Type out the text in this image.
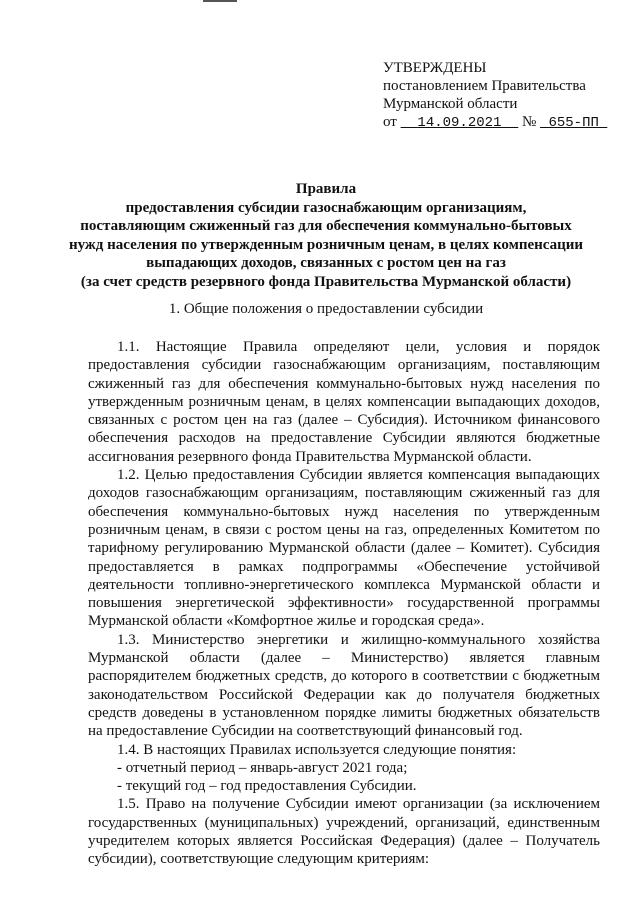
УТВЕРЖДЕНЫ
постановлением Правительства
Мурманской области
от 14.09.2021 № 655-ПП
Правила
предоставления субсидии газоснабжающим организациям,
поставляющим сжиженный газ для обеспечения коммунально-бытовых
нужд населения по утвержденным розничным ценам, в целях компенсации
выпадающих доходов, связанных с ростом цен на газ
(за счет средств резервного фонда Правительства Мурманской области)
1. Общие положения о предоставлении субсидии

1.1. Настоящие Правила определяют цели, условия и порядок предоставления субсидии газоснабжающим организациям, поставляющим сжиженный газ для обеспечения коммунально-бытовых нужд населения по утвержденным розничным ценам, в целях компенсации выпадающих доходов, связанных с ростом цен на газ (далее – Субсидия). Источником финансового обеспечения расходов на предоставление Субсидии являются бюджетные ассигнования резервного фонда Правительства Мурманской области.

1.2. Целью предоставления Субсидии является компенсация выпадающих доходов газоснабжающим организациям, поставляющим сжиженный газ для обеспечения коммунально-бытовых нужд населения по утвержденным розничным ценам, в связи с ростом цены на газ, определенных Комитетом по тарифному регулированию Мурманской области (далее – Комитет). Субсидия предоставляется в рамках подпрограммы «Обеспечение устойчивой деятельности топливно-энергетического комплекса Мурманской области и повышения энергетической эффективности» государственной программы Мурманской области «Комфортное жилье и городская среда».

1.3. Министерство энергетики и жилищно-коммунального хозяйства Мурманской области (далее – Министерство) является главным распорядителем бюджетных средств, до которого в соответствии с бюджетным законодательством Российской Федерации как до получателя бюджетных средств доведены в установленном порядке лимиты бюджетных обязательств на предоставление Субсидии на соответствующий финансовый год.

1.4. В настоящих Правилах используется следующие понятия:

- отчетный период – январь-август 2021 года;

- текущий год – год предоставления Субсидии.

1.5. Право на получение Субсидии имеют организации (за исключением государственных (муниципальных) учреждений, организаций, единственным учредителем которых является Российская Федерация) (далее – Получатель субсидии), соответствующие следующим критериям:
